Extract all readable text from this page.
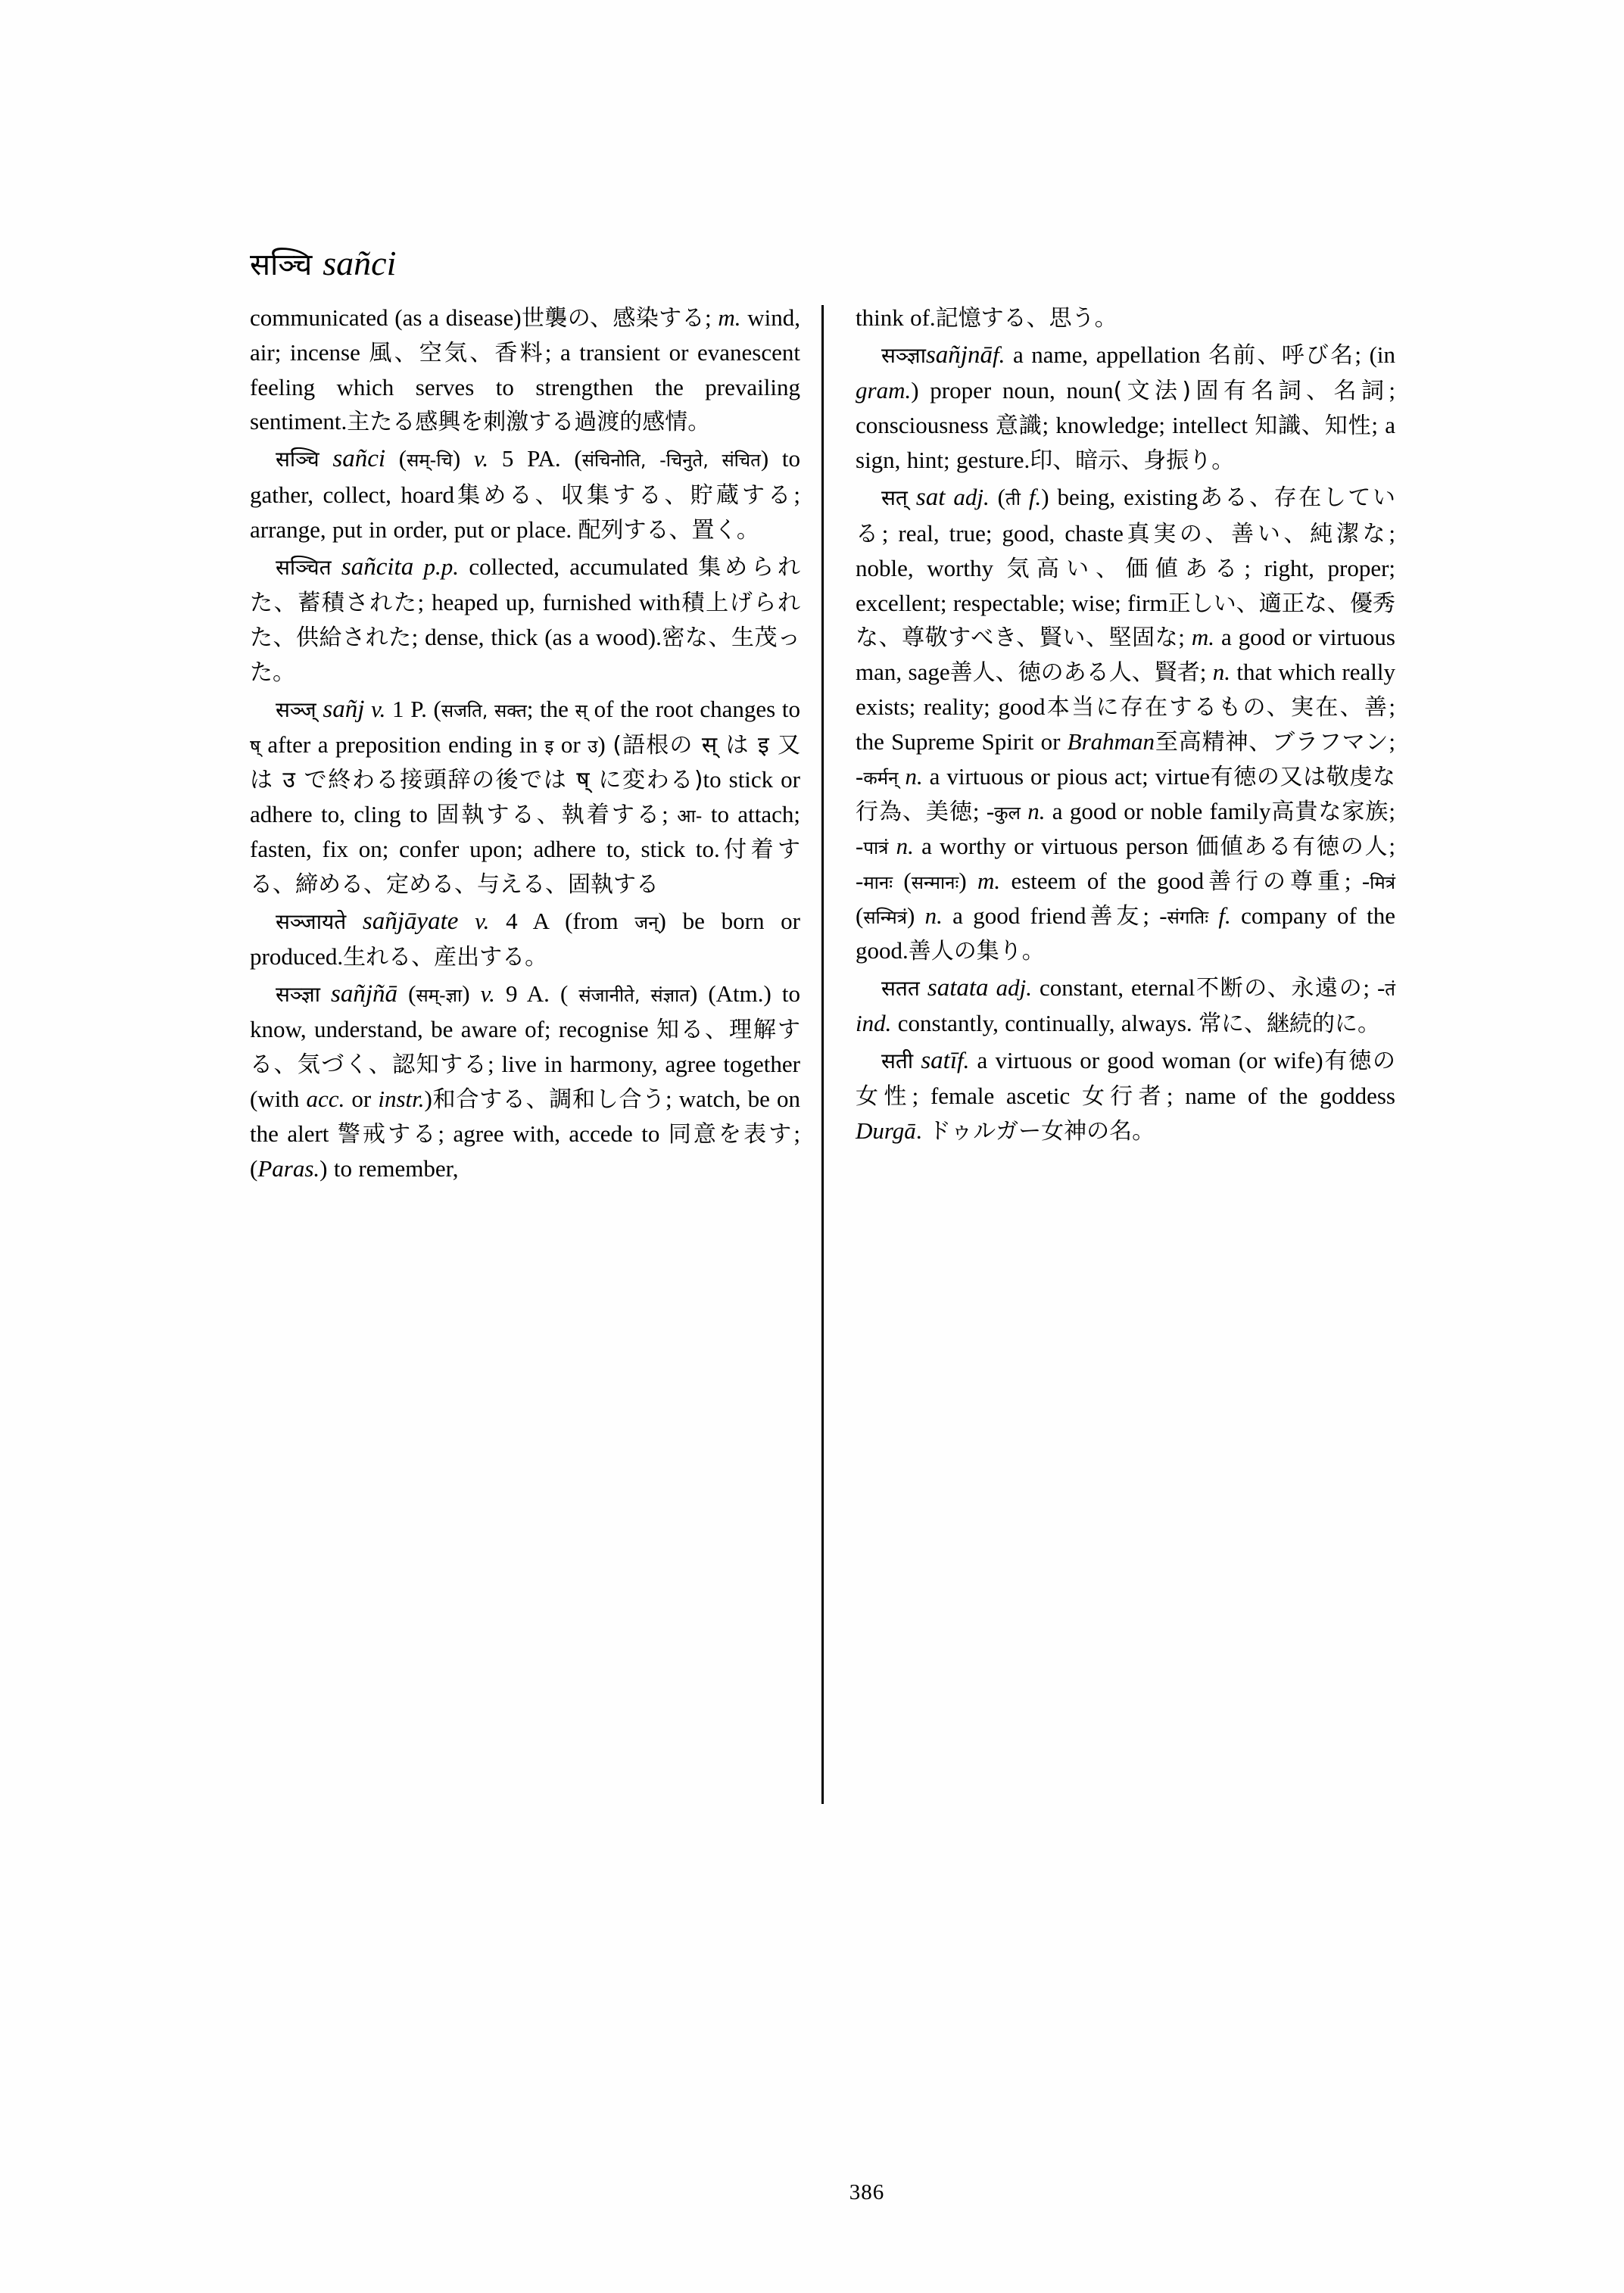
सञ्चि sañci

communicated (as a disease)世襲の、感染する; m. wind, air; incense 風、空気、香料; a transient or evanescent feeling which serves to strengthen the prevailing sentiment.主たる感興を刺激する過渡的感情。

सञ्चि sañci (सम्-चि) v. 5 PA. (संचिनोति, -चिनुते, संचित) to gather, collect, hoard集める、収集する、貯蔵する; arrange, put in order, put or place. 配列する、置く。

सञ्चित sañcita p.p. collected, accumulated 集められた、蓄積された; heaped up, furnished with積上げられた、供給された; dense, thick (as a wood).密な、生茂った。

सञ्ज् sañj v. 1 P. (सजति, सक्त; the स् of the root changes to ष् after a preposition ending in इ or उ) (語根の स् は इ 又は उ で終わる接頭辞の後では ष् に変わる)to stick or adhere to, cling to 固執する、執着する; आ- to attach; fasten, fix on; confer upon; adhere to, stick to.付着する、締める、定める、与える、固執する

सञ्जायते sañjāyate v. 4 A (from जन्) be born or produced.生れる、産出する。

सञ्ज्ञा sañjñā (सम्-ज्ञा) v. 9 A. ( संजानीते, संज्ञात) (Atm.) to know, understand, be aware of; recognise 知る、理解する、気づく、認知する; live in harmony, agree together (with acc. or instr.)和合する、調和し合う; watch, be on the alert 警戒する; agree with, accede to 同意を表す; (Paras.) to remember,

think of.記憶する、思う。

सञ्ज्ञाsañjnāf. a name, appellation 名前、呼び名; (in gram.) proper noun, noun(文法)固有名詞、名詞; consciousness 意識; knowledge; intellect 知識、知性; a sign, hint; gesture.印、暗示、身振り。

सत् sat adj. (ती f.) being, existingある、存在している; real, true; good, chaste真実の、善い、純潔な; noble, worthy 気高い、価値ある; right, proper; excellent; respectable; wise; firm正しい、適正な、優秀な、尊敬すべき、賢い、堅固な; m. a good or virtuous man, sage善人、徳のある人、賢者; n. that which really exists; reality; good本当に存在するもの、実在、善; the Supreme Spirit or Brahman至高精神、ブラフマン; -कर्मन् n. a virtuous or pious act; virtue有徳の又は敬虔な行為、美徳; -कुल n. a good or noble family高貴な家族; -पात्रं n. a worthy or virtuous person 価値ある有徳の人; -मानः (सन्मानः) m. esteem of the good善行の尊重; -मित्रं (सन्मित्रं) n. a good friend善友; -संगतिः f. company of the good.善人の集り。

सतत satata adj. constant, eternal不断の、永遠の; -तं ind. constantly, continually, always. 常に、継続的に。

सती satīf. a virtuous or good woman (or wife)有徳の女性; female ascetic 女行者; name of the goddess Durgā. ドゥルガー女神の名。

386
